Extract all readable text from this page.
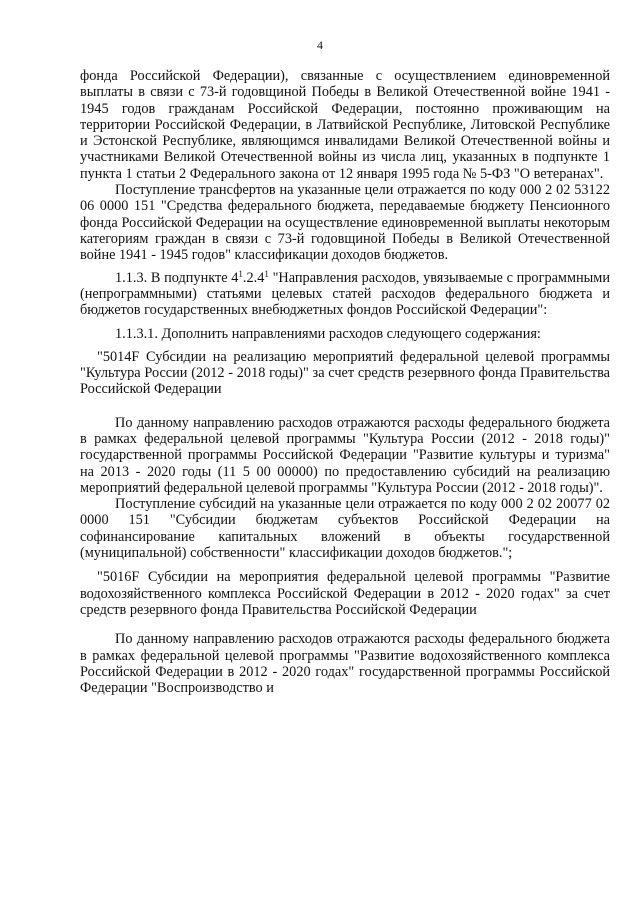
4

фонда Российской Федерации), связанные с осуществлением единовременной выплаты в связи с 73-й годовщиной Победы в Великой Отечественной войне 1941 - 1945 годов гражданам Российской Федерации, постоянно проживающим на территории Российской Федерации, в Латвийской Республике, Литовской Республике и Эстонской Республике, являющимся инвалидами Великой Отечественной войны и участниками Великой Отечественной войны из числа лиц, указанных в подпункте 1 пункта 1 статьи 2 Федерального закона от 12 января 1995 года № 5-ФЗ "О ветеранах".

Поступление трансфертов на указанные цели отражается по коду 000 2 02 53122 06 0000 151 "Средства федерального бюджета, передаваемые бюджету Пенсионного фонда Российской Федерации на осуществление единовременной выплаты некоторым категориям граждан в связи с 73-й годовщиной Победы в Великой Отечественной войне 1941 - 1945 годов" классификации доходов бюджетов.

1.1.3. В подпункте $4^1.2.4^1$ "Направления расходов, увязываемые с программными (непрограммными) статьями целевых статей расходов федерального бюджета и бюджетов государственных внебюджетных фондов Российской Федерации":

1.1.3.1. Дополнить направлениями расходов следующего содержания:

"5014F Субсидии на реализацию мероприятий федеральной целевой программы "Культура России (2012 - 2018 годы)" за счет средств резервного фонда Правительства Российской Федерации

По данному направлению расходов отражаются расходы федерального бюджета в рамках федеральной целевой программы "Культура России (2012 - 2018 годы)" государственной программы Российской Федерации "Развитие культуры и туризма" на 2013 - 2020 годы (11 5 00 00000) по предоставлению субсидий на реализацию мероприятий федеральной целевой программы "Культура России (2012 - 2018 годы)".

Поступление субсидий на указанные цели отражается по коду 000 2 02 20077 02 0000 151 "Субсидии бюджетам субъектов Российской Федерации на софинансирование капитальных вложений в объекты государственной (муниципальной) собственности" классификации доходов бюджетов.";

"5016F Субсидии на мероприятия федеральной целевой программы "Развитие водохозяйственного комплекса Российской Федерации в 2012 - 2020 годах" за счет средств резервного фонда Правительства Российской Федерации

По данному направлению расходов отражаются расходы федерального бюджета в рамках федеральной целевой программы "Развитие водохозяйственного комплекса Российской Федерации в 2012 - 2020 годах" государственной программы Российской Федерации "Воспроизводство и
